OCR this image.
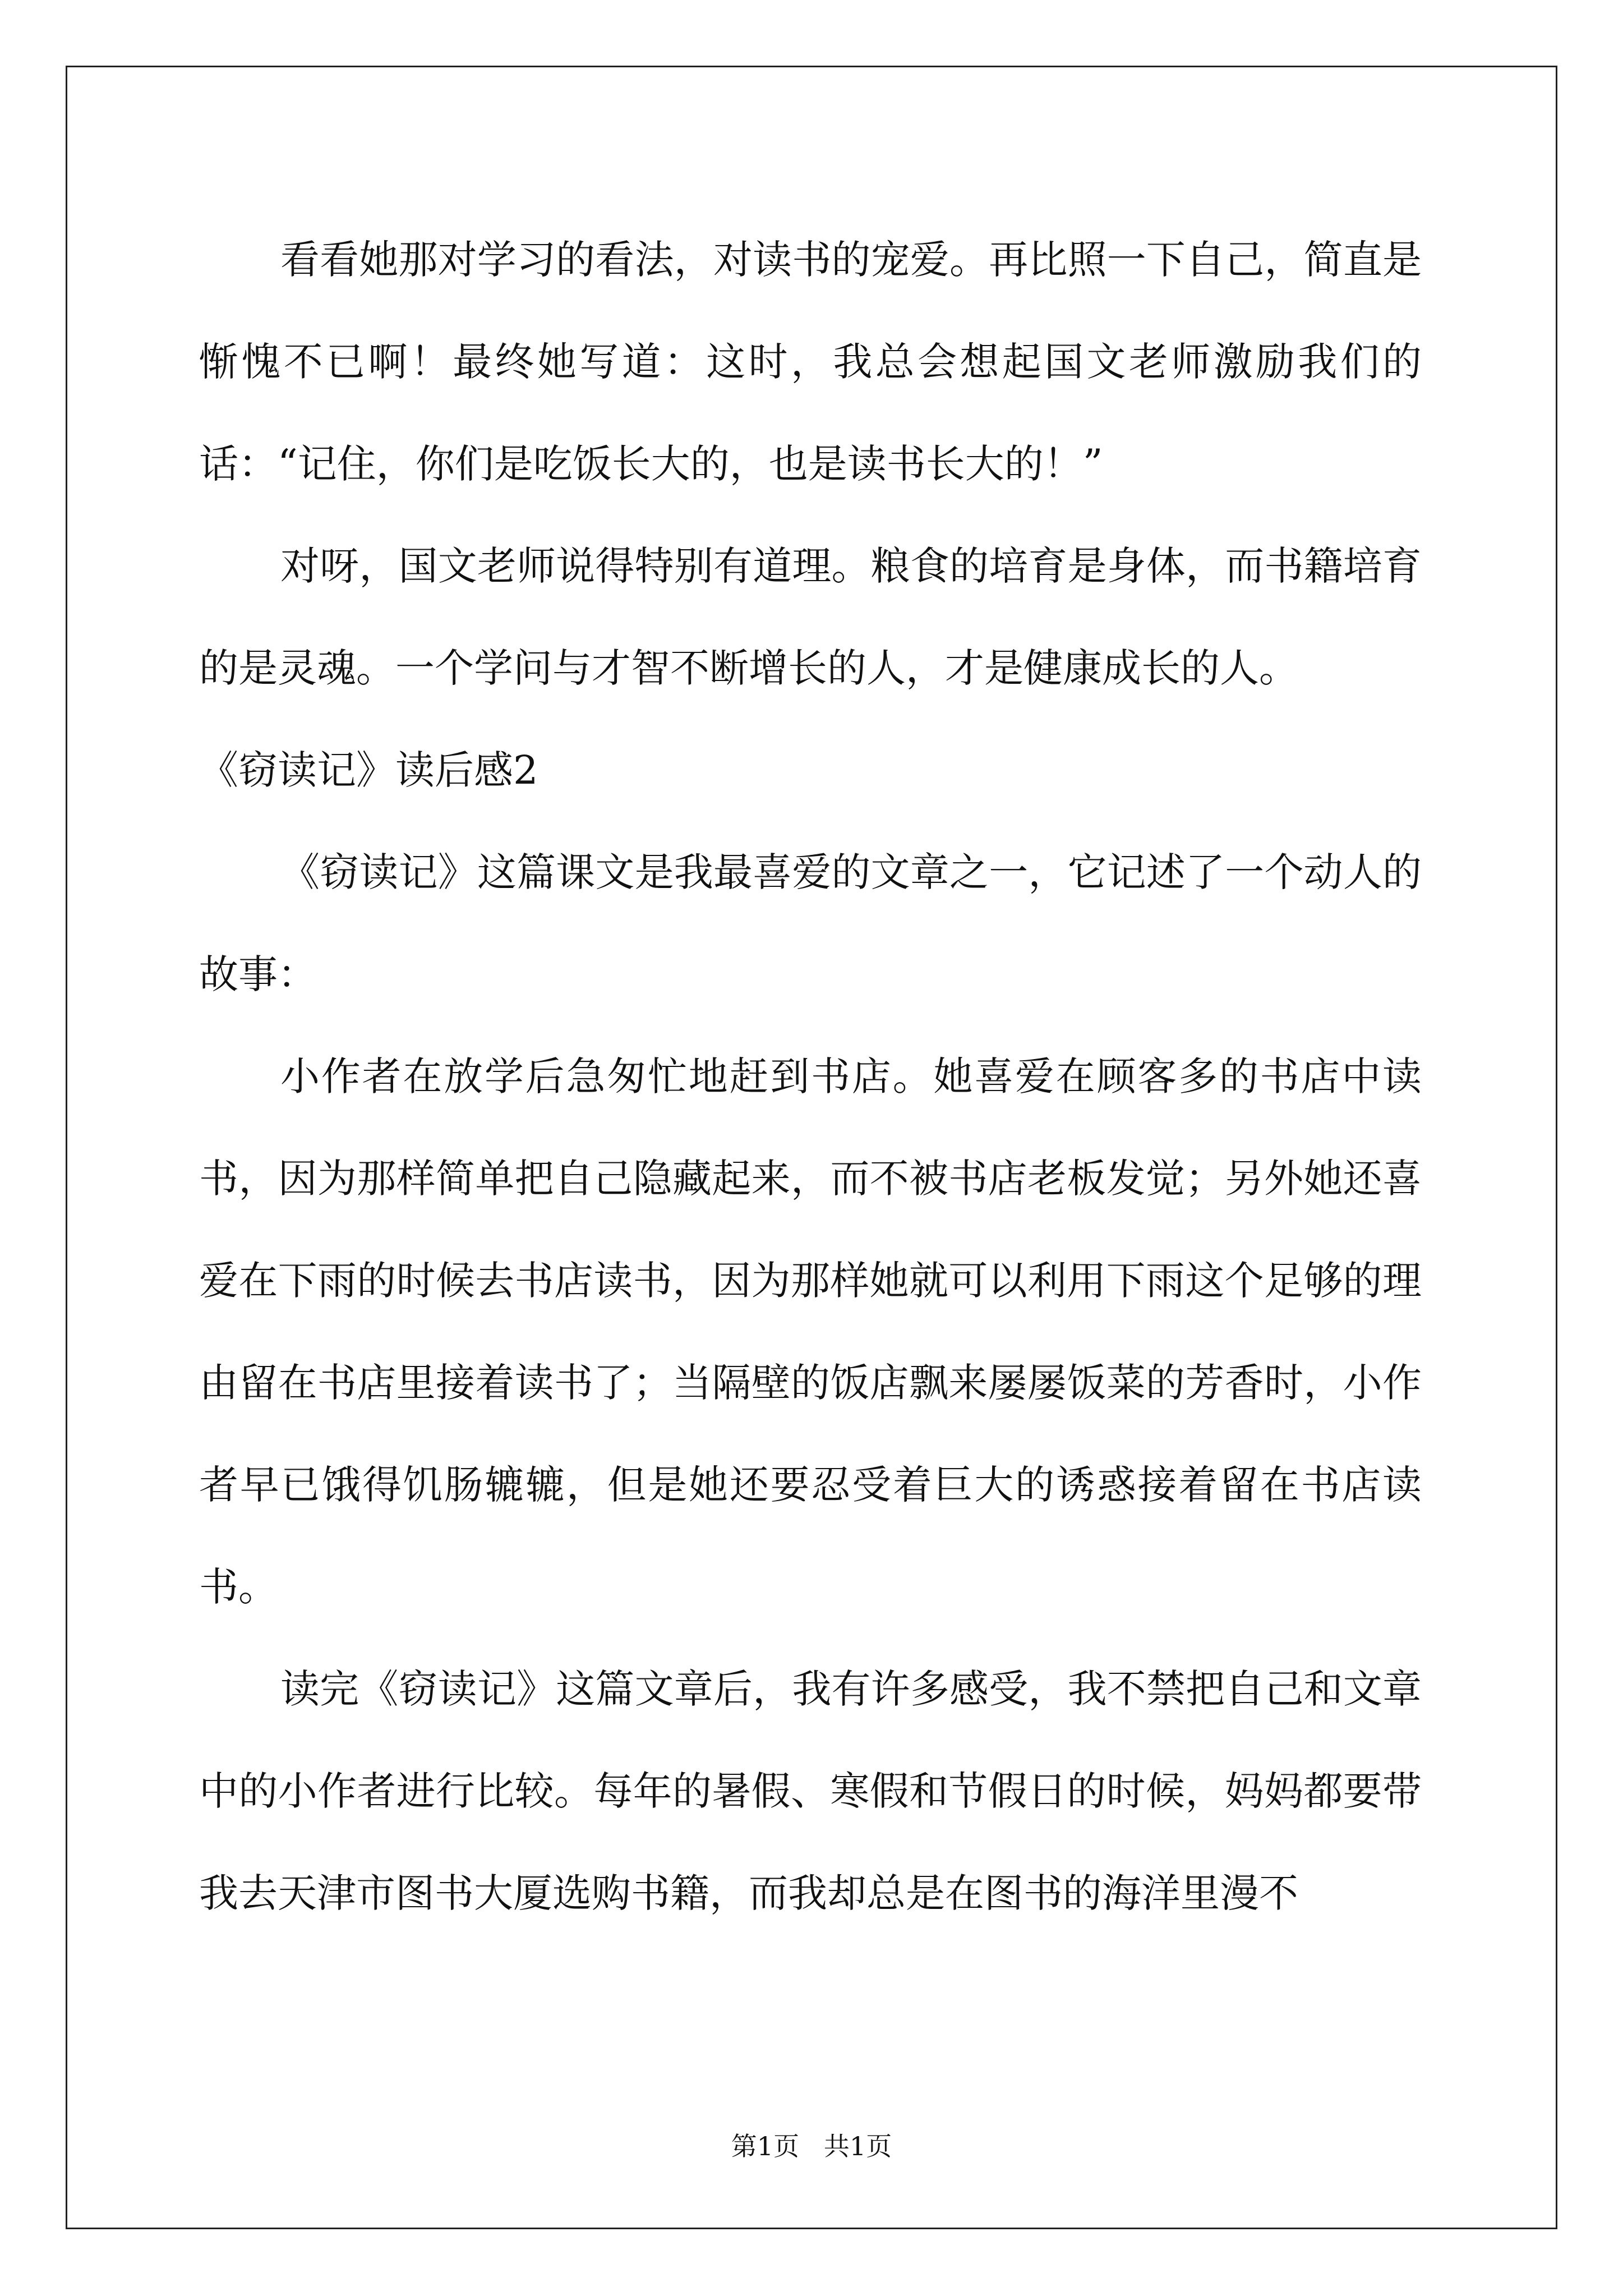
看看她那对学习的看法，对读书的宠爱。再比照一下自己，简直是惭愧不已啊！最终她写道：这时，我总会想起国文老师激励我们的话：“记住，你们是吃饭长大的，也是读书长大的！”

对呀，国文老师说得特别有道理。粮食的培育是身体，而书籍培育的是灵魂。一个学问与才智不断增长的人，才是健康成长的人。

《窃读记》读后感2

《窃读记》这篇课文是我最喜爱的文章之一，它记述了一个动人的故事：

小作者在放学后急匆忙地赶到书店。她喜爱在顾客多的书店中读书，因为那样简单把自己隐藏起来，而不被书店老板发觉；另外她还喜爱在下雨的时候去书店读书，因为那样她就可以利用下雨这个足够的理由留在书店里接着读书了；当隔壁的饭店飘来屡屡饭菜的芳香时，小作者早已饿得饥肠辘辘，但是她还要忍受着巨大的诱惑接着留在书店读书。

读完《窃读记》这篇文章后，我有许多感受，我不禁把自己和文章中的小作者进行比较。每年的暑假、寒假和节假日的时候，妈妈都要带我去天津市图书大厦选购书籍，而我却总是在图书的海洋里漫不

第1页   共1页
